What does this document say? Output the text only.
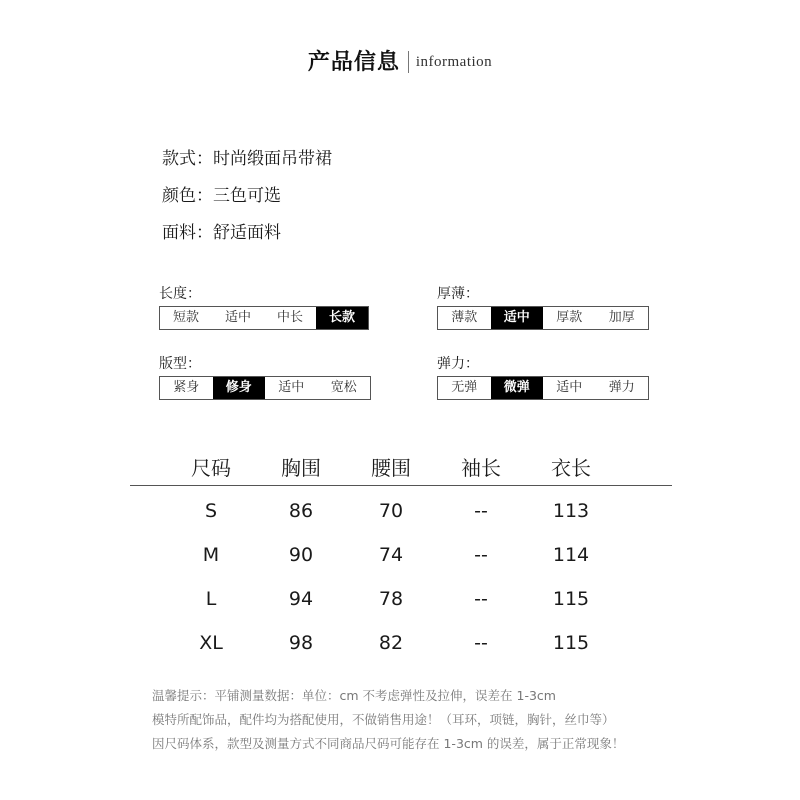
产品信息 information
款式：时尚缎面吊带裙
颜色：三色可选
面料：舒适面料
长度：
短款	适中	中长	长款
厚薄：
薄款	适中	厚款	加厚
版型：
紧身	修身	适中	宽松
弹力：
无弹	微弹	适中	弹力
尺码	胸围	腰围	袖长	衣长
S	86	70	--	113
M	90	74	--	114
L	94	78	--	115
XL	98	82	--	115
温馨提示：平铺测量数据：单位：cm 不考虑弹性及拉伸，误差在 1-3cm
模特所配饰品，配件均为搭配使用，不做销售用途！（耳环，项链，胸针，丝巾等）
因尺码体系，款型及测量方式不同商品尺码可能存在 1-3cm 的误差，属于正常现象！
